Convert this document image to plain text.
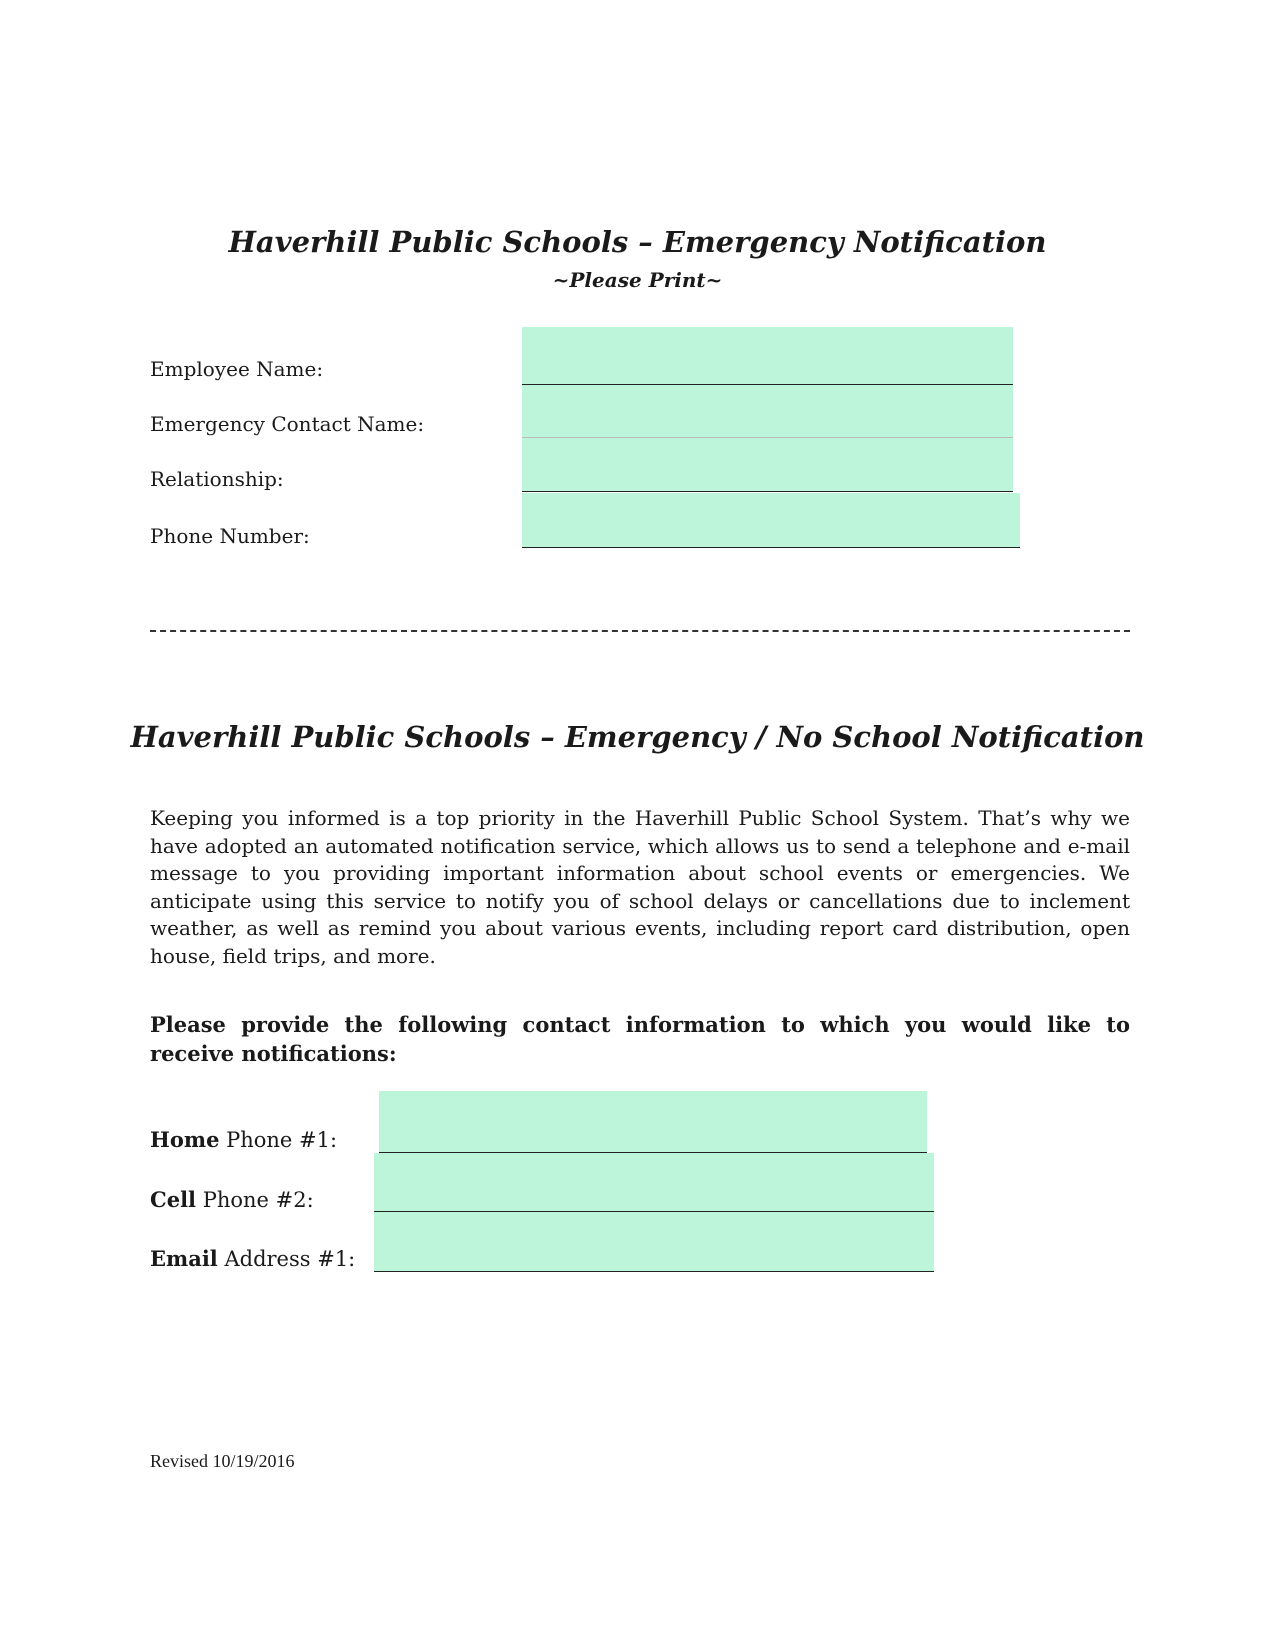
Haverhill Public Schools – Emergency Notification
~Please Print~
Employee Name:
Emergency Contact Name:
Relationship:
Phone Number:
Haverhill Public Schools – Emergency / No School Notification
Keeping you informed is a top priority in the Haverhill Public School System. That’s why we have adopted an automated notification service, which allows us to send a telephone and e-mail message to you providing important information about school events or emergencies. We anticipate using this service to notify you of school delays or cancellations due to inclement weather, as well as remind you about various events, including report card distribution, open house, field trips, and more.
Please provide the following contact information to which you would like to receive notifications:
Home Phone #1:
Cell Phone #2:
Email Address #1:
Revised 10/19/2016
